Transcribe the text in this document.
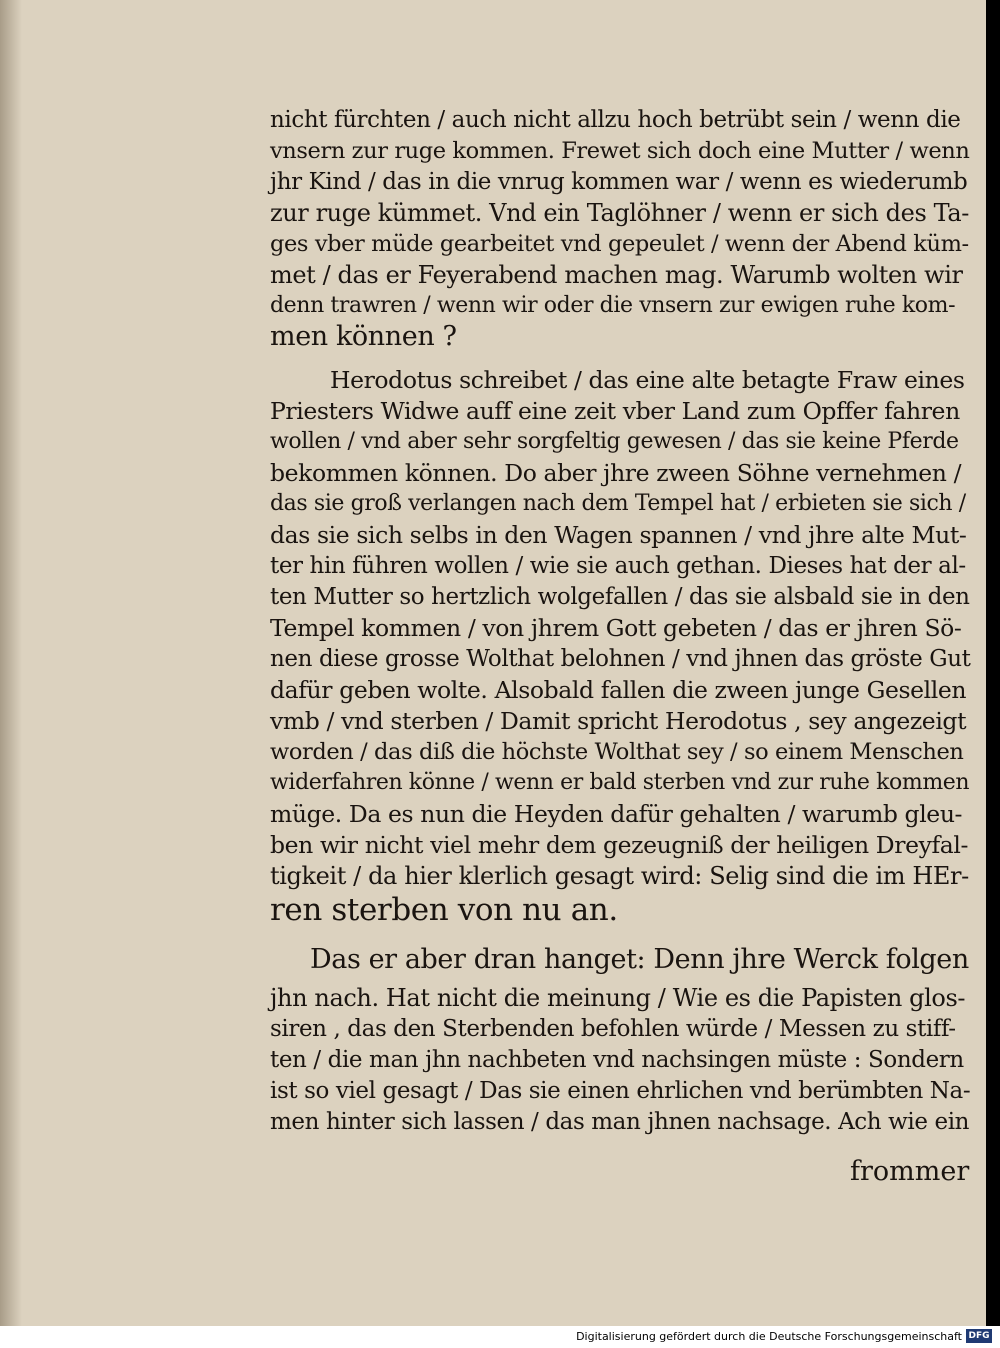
nicht fürchten / auch nicht allzu hoch betrübt sein / wenn die
vnsern zur ruge kommen. Frewet sich doch eine Mutter / wenn
jhr Kind / das in die vnrug kommen war / wenn es wiederumb
zur ruge kümmet. Vnd ein Taglöhner / wenn er sich des Ta-
ges vber müde gearbeitet vnd gepeulet / wenn der Abend küm-
met / das er Feyerabend machen mag. Warumb wolten wir
denn trawren / wenn wir oder die vnsern zur ewigen ruhe kom-
men können ?
Herodotus schreibet / das eine alte betagte Fraw eines
Priesters Widwe auff eine zeit vber Land zum Opffer fahren
wollen / vnd aber sehr sorgfeltig gewesen / das sie keine Pferde
bekommen können. Do aber jhre zween Söhne vernehmen /
das sie groß verlangen nach dem Tempel hat / erbieten sie sich /
das sie sich selbs in den Wagen spannen / vnd jhre alte Mut-
ter hin führen wollen / wie sie auch gethan. Dieses hat der al-
ten Mutter so hertzlich wolgefallen / das sie alsbald sie in den
Tempel kommen / von jhrem Gott gebeten / das er jhren Sö-
nen diese grosse Wolthat belohnen / vnd jhnen das gröste Gut
dafür geben wolte. Alsobald fallen die zween junge Gesellen
vmb / vnd sterben / Damit spricht Herodotus , sey angezeigt
worden / das diß die höchste Wolthat sey / so einem Menschen
widerfahren könne / wenn er bald sterben vnd zur ruhe kommen
müge. Da es nun die Heyden dafür gehalten / warumb gleu-
ben wir nicht viel mehr dem gezeugniß der heiligen Dreyfal-
tigkeit / da hier klerlich gesagt wird: Selig sind die im HEr-
ren sterben von nu an.
Das er aber dran hanget: Denn jhre Werck folgen
jhn nach. Hat nicht die meinung / Wie es die Papisten glos-
siren , das den Sterbenden befohlen würde / Messen zu stiff-
ten / die man jhn nachbeten vnd nachsingen müste : Sondern
ist so viel gesagt / Das sie einen ehrlichen vnd berümbten Na-
men hinter sich lassen / das man jhnen nachsage. Ach wie ein
frommer
Digitalisierung gefördert durch die Deutsche Forschungsgemeinschaft DFG
